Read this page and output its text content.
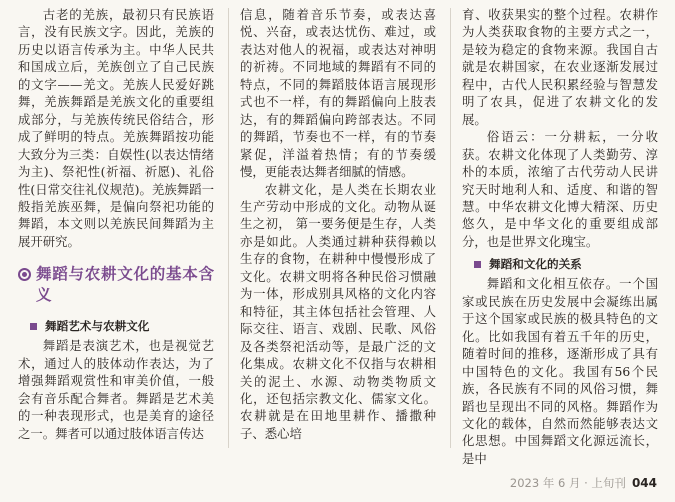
古老的羌族，最初只有民族语言，没有民族文字。因此，羌族的历史以语言传承为主。中华人民共和国成立后，羌族创立了自己民族的文字——羌文。羌族人民爱好跳舞，羌族舞蹈是羌族文化的重要组成部分，与羌族传统民俗结合，形成了鲜明的特点。羌族舞蹈按功能大致分为三类：自娱性(以表达情绪为主)、祭祀性(祈福、祈愿)、礼俗性(日常交往礼仪规范)。羌族舞蹈一般指羌族巫舞，是偏向祭祀功能的舞蹈，本文则以羌族民间舞蹈为主展开研究。

舞蹈与农耕文化的基本含义
舞蹈艺术与农耕文化

舞蹈是表演艺术，也是视觉艺术，通过人的肢体动作表达，为了增强舞蹈观赏性和审美价值，一般会有音乐配合舞者。舞蹈是艺术美的一种表现形式，也是美育的途径之一。舞者可以通过肢体语言传达

信息，随着音乐节奏，或表达喜悦、兴奋，或表达忧伤、难过，或表达对他人的祝福，或表达对神明的祈祷。不同地域的舞蹈有不同的特点，不同的舞蹈肢体语言展现形式也不一样，有的舞蹈偏向上肢表达，有的舞蹈偏向跨部表达。不同的舞蹈，节奏也不一样，有的节奏紧促，洋溢着热情；有的节奏缓慢，更能表达舞者细腻的情感。

农耕文化，是人类在长期农业生产劳动中形成的文化。动物从诞生之初， 第一要务便是生存，人类亦是如此。人类通过耕种获得赖以生存的食物，在耕种中慢慢形成了文化。农耕文明将各种民俗习惯融为一体，形成别具风格的文化内容和特征，其主体包括社会管理、人际交往、语言、戏剧、民歌、风俗及各类祭祀活动等，是最广泛的文化集成。农耕文化不仅指与农耕相关的泥土、水源、动物类物质文化，还包括宗教文化、儒家文化。农耕就是在田地里耕作、播撒种子、悉心培

育、收获果实的整个过程。农耕作为人类获取食物的主要方式之一，是较为稳定的食物来源。我国自古就是农耕国家，在农业逐渐发展过程中，古代人民积累经验与智慧发明了农具，促进了农耕文化的发展。

俗语云：一分耕耘，一分收获。农耕文化体现了人类勤劳、淳朴的本质，浓缩了古代劳动人民讲究天时地利人和、适度、和谐的智慧。中华农耕文化博大精深、历史悠久，是中华文化的重要组成部分，也是世界文化瑰宝。

舞蹈和文化的关系

舞蹈和文化相互依存。一个国家或民族在历史发展中会凝练出属于这个国家或民族的极具特色的文化。比如我国有着五千年的历史，随着时间的推移，逐渐形成了具有中国特色的文化。我国有56个民族，各民族有不同的风俗习惯，舞蹈也呈现出不同的风格。舞蹈作为文化的载体，自然而然能够表达文化思想。中国舞蹈文化源远流长，是中

2023 年 6 月 · 上旬刊 044
